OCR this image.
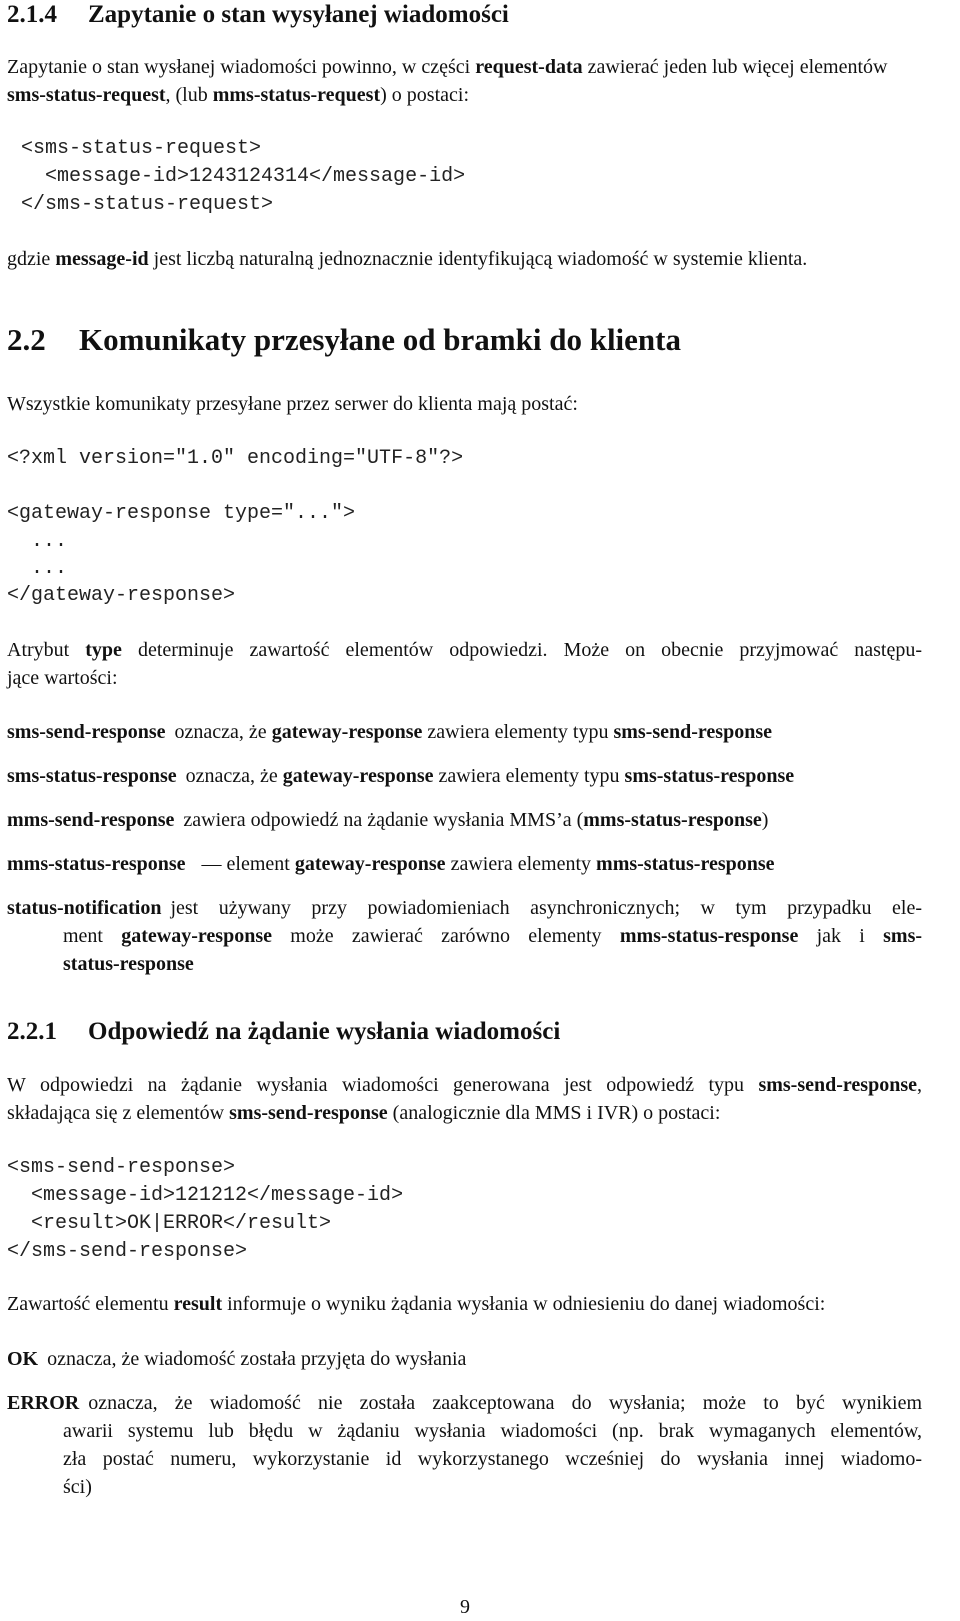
2.1.4 Zapytanie o stan wysyłanej wiadomości

Zapytanie o stan wysłanej wiadomości powinno, w części request-data zawierać jeden lub więcej elementów sms-status-request, (lub mms-status-request) o postaci:

<sms-status-request>
<message-id>1243124314</message-id>
</sms-status-request>

gdzie message-id jest liczbą naturalną jednoznacznie identyfikującą wiadomość w systemie klienta.

2.2 Komunikaty przesyłane od bramki do klienta

Wszystkie komunikaty przesyłane przez serwer do klienta mają postać:

<?xml version="1.0" encoding="UTF-8"?>
<gateway-response type="...">
...
...
</gateway-response>

Atrybut type determinuje zawartość elementów odpowiedzi. Może on obecnie przyjmować następu-

jące wartości:

sms-send-response oznacza, że gateway-response zawiera elementy typu sms-send-response

sms-status-response oznacza, że gateway-response zawiera elementy typu sms-status-response

mms-send-response zawiera odpowiedź na żądanie wysłania MMS’a (mms-status-response)

mms-status-response — element gateway-response zawiera elementy mms-status-response

status-notification jest używany przy powiadomieniach asynchronicznych; w tym przypadku ele-

ment gateway-response może zawierać zarówno elementy mms-status-response jak i sms-

status-response

2.2.1 Odpowiedź na żądanie wysłania wiadomości

W odpowiedzi na żądanie wysłania wiadomości generowana jest odpowiedź typu sms-send-response,

składająca się z elementów sms-send-response (analogicznie dla MMS i IVR) o postaci:

<sms-send-response>
<message-id>121212</message-id>
<result>OK|ERROR</result>
</sms-send-response>

Zawartość elementu result informuje o wyniku żądania wysłania w odniesieniu do danej wiadomości:

OK oznacza, że wiadomość została przyjęta do wysłania

ERROR oznacza, że wiadomość nie została zaakceptowana do wysłania; może to być wynikiem

awarii systemu lub błędu w żądaniu wysłania wiadomości (np. brak wymaganych elementów,

zła postać numeru, wykorzystanie id wykorzystanego wcześniej do wysłania innej wiadomo-

ści)

9
